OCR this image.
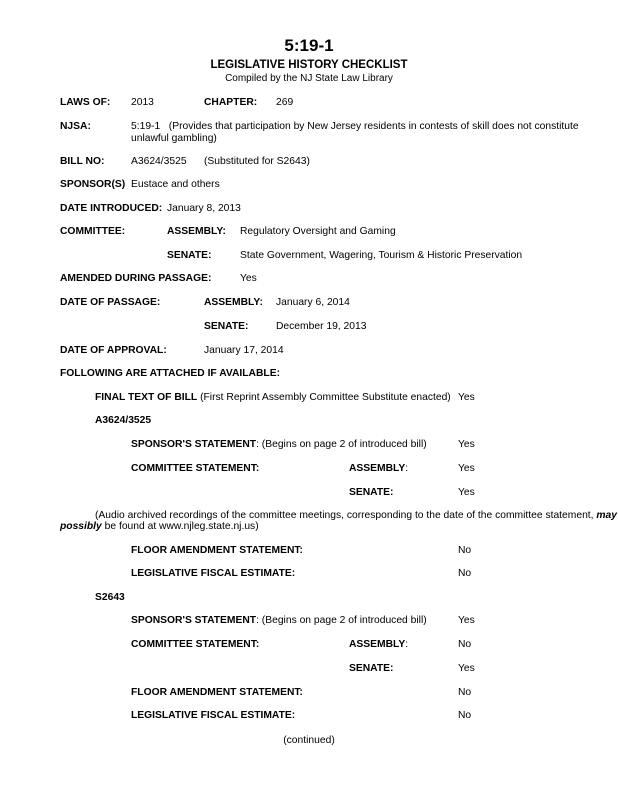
5:19-1
LEGISLATIVE HISTORY CHECKLIST
Compiled by the NJ State Law Library
LAWS OF: 2013	CHAPTER: 269
NJSA:	5:19-1 (Provides that participation by New Jersey residents in contests of skill does not constitute unlawful gambling)
BILL NO:	A3624/3525 (Substituted for S2643)
SPONSOR(S) Eustace and others
DATE INTRODUCED: January 8, 2013
COMMITTEE:	ASSEMBLY: Regulatory Oversight and Gaming
SENATE:	State Government, Wagering, Tourism & Historic Preservation
AMENDED DURING PASSAGE:	Yes
DATE OF PASSAGE:	ASSEMBLY: January 6, 2014
SENATE:	December 19, 2013
DATE OF APPROVAL:	January 17, 2014
FOLLOWING ARE ATTACHED IF AVAILABLE:
FINAL TEXT OF BILL (First Reprint Assembly Committee Substitute enacted) Yes
A3624/3525
SPONSOR'S STATEMENT: (Begins on page 2 of introduced bill)	Yes
COMMITTEE STATEMENT:	ASSEMBLY:	Yes
SENATE:	Yes
(Audio archived recordings of the committee meetings, corresponding to the date of the committee statement, may
possibly be found at www.njleg.state.nj.us)
FLOOR AMENDMENT STATEMENT:	No
LEGISLATIVE FISCAL ESTIMATE:	No
S2643
SPONSOR'S STATEMENT: (Begins on page 2 of introduced bill)	Yes
COMMITTEE STATEMENT:	ASSEMBLY:	No
SENATE:	Yes
FLOOR AMENDMENT STATEMENT:	No
LEGISLATIVE FISCAL ESTIMATE:	No
(continued)
